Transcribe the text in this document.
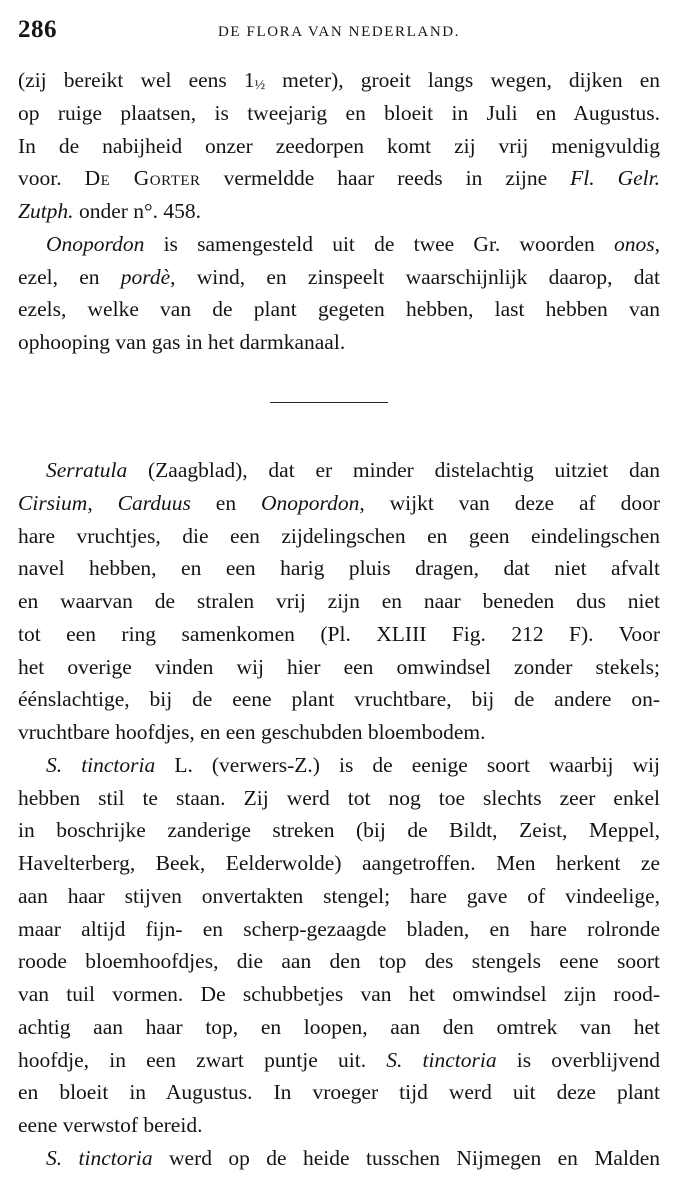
286	DE FLORA VAN NEDERLAND.
(zij bereikt wel eens 1½ meter), groeit langs wegen, dijken en
op ruige plaatsen, is tweejarig en bloeit in Juli en Augustus.
In de nabijheid onzer zeedorpen komt zij vrij menigvuldig
voor. De Gorter vermeldde haar reeds in zijne Fl. Gelr.
Zutph. onder n°. 458.
Onopordon is samengesteld uit de twee Gr. woorden onos,
ezel, en pordè, wind, en zinspeelt waarschijnlijk daarop, dat
ezels, welke van de plant gegeten hebben, last hebben van
ophooping van gas in het darmkanaal.
Serratula (Zaagblad), dat er minder distelachtig uitziet dan
Cirsium, Carduus en Onopordon, wijkt van deze af door
hare vruchtjes, die een zijdelingschen en geen eindelingschen
navel hebben, en een harig pluis dragen, dat niet afvalt
en waarvan de stralen vrij zijn en naar beneden dus niet
tot een ring samenkomen (Pl. XLIII Fig. 212 F). Voor
het overige vinden wij hier een omwindsel zonder stekels;
éénslachtige, bij de eene plant vruchtbare, bij de andere on-
vruchtbare hoofdjes, en een geschubden bloembodem.
S. tinctoria L. (verwers-Z.) is de eenige soort waarbij wij
hebben stil te staan. Zij werd tot nog toe slechts zeer enkel
in boschrijke zanderige streken (bij de Bildt, Zeist, Meppel,
Havelterberg, Beek, Eelderwolde) aangetroffen. Men herkent ze
aan haar stijven onvertakten stengel; hare gave of vindeelige,
maar altijd fijn- en scherp-gezaagde bladen, en hare rolronde
roode bloemhoofdjes, die aan den top des stengels eene soort
van tuil vormen. De schubbetjes van het omwindsel zijn rood-
achtig aan haar top, en loopen, aan den omtrek van het
hoofdje, in een zwart puntje uit. S. tinctoria is overblijvend
en bloeit in Augustus. In vroeger tijd werd uit deze plant
eene verwstof bereid.
S. tinctoria werd op de heide tusschen Nijmegen en Malden
